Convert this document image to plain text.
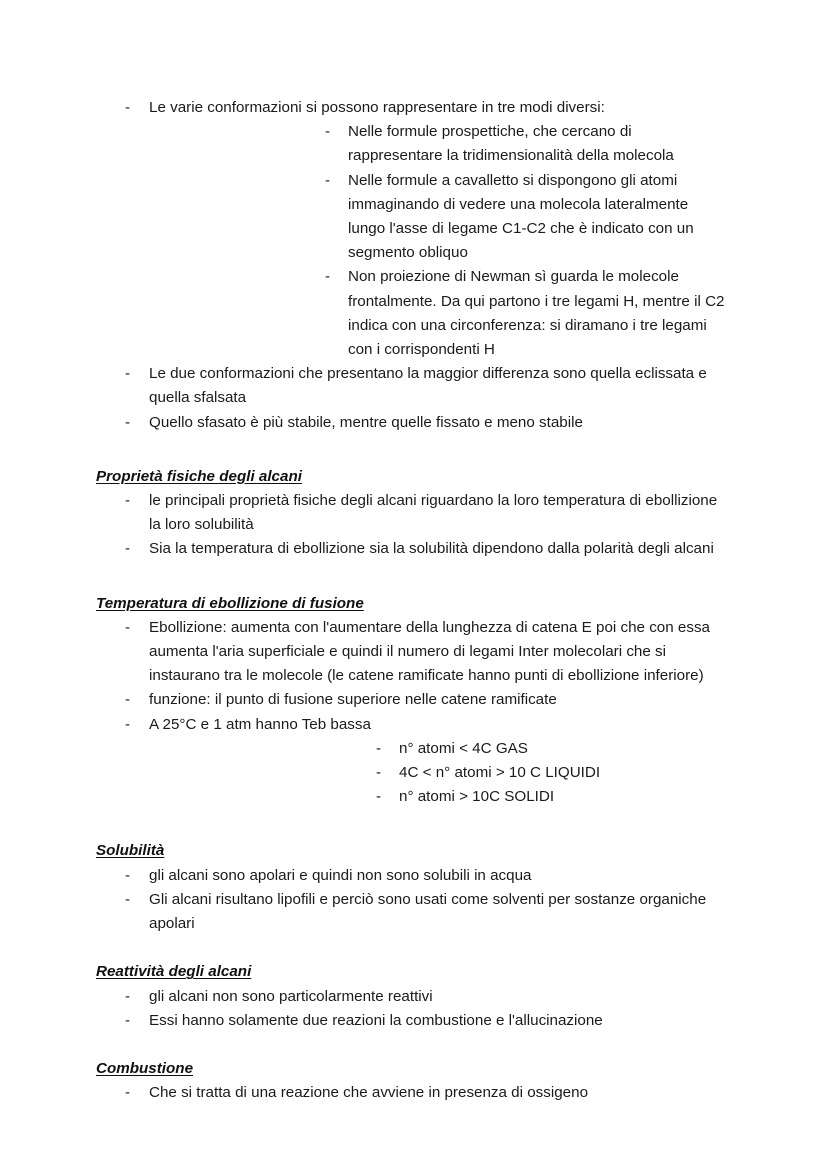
- Le varie conformazioni si possono rappresentare in tre modi diversi:
- Nelle formule prospettiche, che cercano di rappresentare la tridimensionalità della molecola
- Nelle formule a cavalletto si dispongono gli atomi immaginando di vedere una molecola lateralmente lungo l'asse di legame C1-C2 che è indicato con un segmento obliquo
- Non proiezione di Newman sì guarda le molecole frontalmente. Da qui partono i tre legami H, mentre il C2 indica con una circonferenza: si diramano i tre legami con i corrispondenti H
- Le due conformazioni che presentano la maggior differenza sono quella eclissata e quella sfalsata
- Quello sfasato è più stabile, mentre quelle fissato e meno stabile
Proprietà fisiche degli alcani
- le principali proprietà fisiche degli alcani riguardano la loro temperatura di ebollizione la loro solubilità
- Sia la temperatura di ebollizione sia la solubilità dipendono dalla polarità degli alcani
Temperatura di ebollizione di fusione
- Ebollizione: aumenta con l'aumentare della lunghezza di catena E poi che con essa aumenta l'aria superficiale e quindi il numero di legami Inter molecolari che si instaurano tra le molecole (le catene ramificate hanno punti di ebollizione inferiore)
- funzione: il punto di fusione superiore nelle catene ramificate
- A 25°C e 1 atm hanno Teb bassa
- n° atomi < 4C GAS
- 4C < n° atomi > 10 C LIQUIDI
- n° atomi > 10C SOLIDI
Solubilità
- gli alcani sono apolari e quindi non sono solubili in acqua
- Gli alcani risultano lipofili e perciò sono usati come solventi per sostanze organiche apolari
Reattività degli alcani
- gli alcani non sono particolarmente reattivi
- Essi hanno solamente due reazioni la combustione e l'allucinazione
Combustione
- Che si tratta di una reazione che avviene in presenza di ossigeno
